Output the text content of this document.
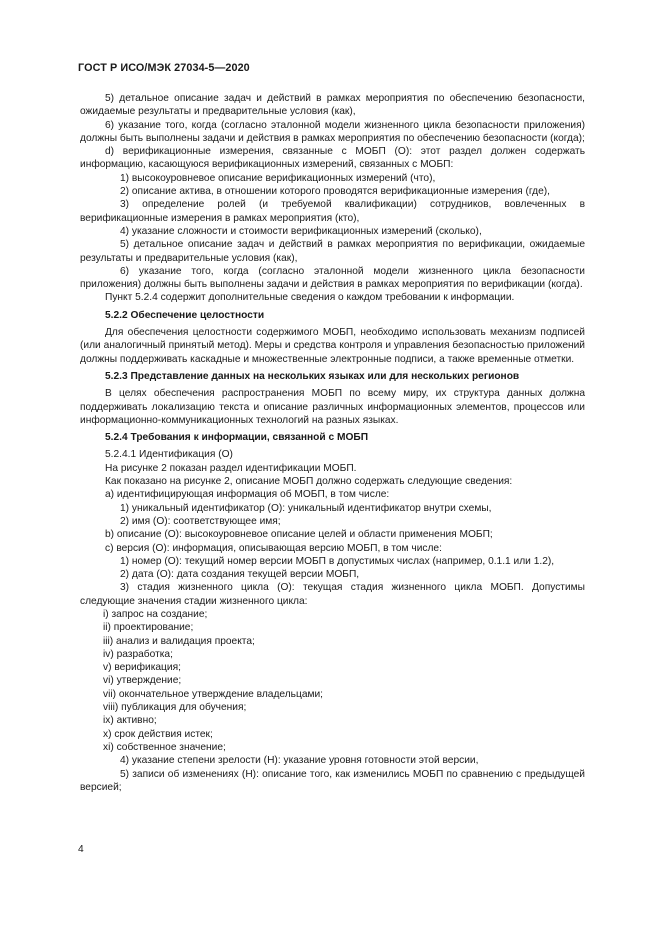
ГОСТ Р ИСО/МЭК 27034-5—2020

5) детальное описание задач и действий в рамках мероприятия по обеспечению безопасности, ожидаемые результаты и предварительные условия (как),

6) указание того, когда (согласно эталонной модели жизненного цикла безопасности приложения) должны быть выполнены задачи и действия в рамках мероприятия по обеспечению безопасности (когда);

d) верификационные измерения, связанные с МОБП (О): этот раздел должен содержать информацию, касающуюся верификационных измерений, связанных с МОБП:

1) высокоуровневое описание верификационных измерений (что),

2) описание актива, в отношении которого проводятся верификационные измерения (где),

3) определение ролей (и требуемой квалификации) сотрудников, вовлеченных в верификационные измерения в рамках мероприятия (кто),

4) указание сложности и стоимости верификационных измерений (сколько),

5) детальное описание задач и действий в рамках мероприятия по верификации, ожидаемые результаты и предварительные условия (как),

6) указание того, когда (согласно эталонной модели жизненного цикла безопасности приложения) должны быть выполнены задачи и действия в рамках мероприятия по верификации (когда).

Пункт 5.2.4 содержит дополнительные сведения о каждом требовании к информации.

5.2.2 Обеспечение целостности

Для обеспечения целостности содержимого МОБП, необходимо использовать механизм подписей (или аналогичный принятый метод). Меры и средства контроля и управления безопасностью приложений должны поддерживать каскадные и множественные электронные подписи, а также временные отметки.

5.2.3 Представление данных на нескольких языках или для нескольких регионов

В целях обеспечения распространения МОБП по всему миру, их структура данных должна поддерживать локализацию текста и описание различных информационных элементов, процессов или информационно-коммуникационных технологий на разных языках.

5.2.4 Требования к информации, связанной с МОБП

5.2.4.1 Идентификация (О)

На рисунке 2 показан раздел идентификации МОБП.

Как показано на рисунке 2, описание МОБП должно содержать следующие сведения:

а) идентифицирующая информация об МОБП, в том числе:

1) уникальный идентификатор (О): уникальный идентификатор внутри схемы,

2) имя (О): соответствующее имя;

b) описание (О): высокоуровневое описание целей и области применения МОБП;

с) версия (О): информация, описывающая версию МОБП, в том числе:

1) номер (О): текущий номер версии МОБП в допустимых числах (например, 0.1.1 или 1.2),

2) дата (О): дата создания текущей версии МОБП,

3) стадия жизненного цикла (О): текущая стадия жизненного цикла МОБП. Допустимы следующие значения стадии жизненного цикла:

i) запрос на создание;

ii) проектирование;

iii) анализ и валидация проекта;

iv) разработка;

v) верификация;

vi) утверждение;

vii) окончательное утверждение владельцами;

viii) публикация для обучения;

ix) активно;

x) срок действия истек;

xi) собственное значение;

4) указание степени зрелости (Н): указание уровня готовности этой версии,

5) записи об изменениях (Н): описание того, как изменились МОБП по сравнению с предыдущей версией;

4
